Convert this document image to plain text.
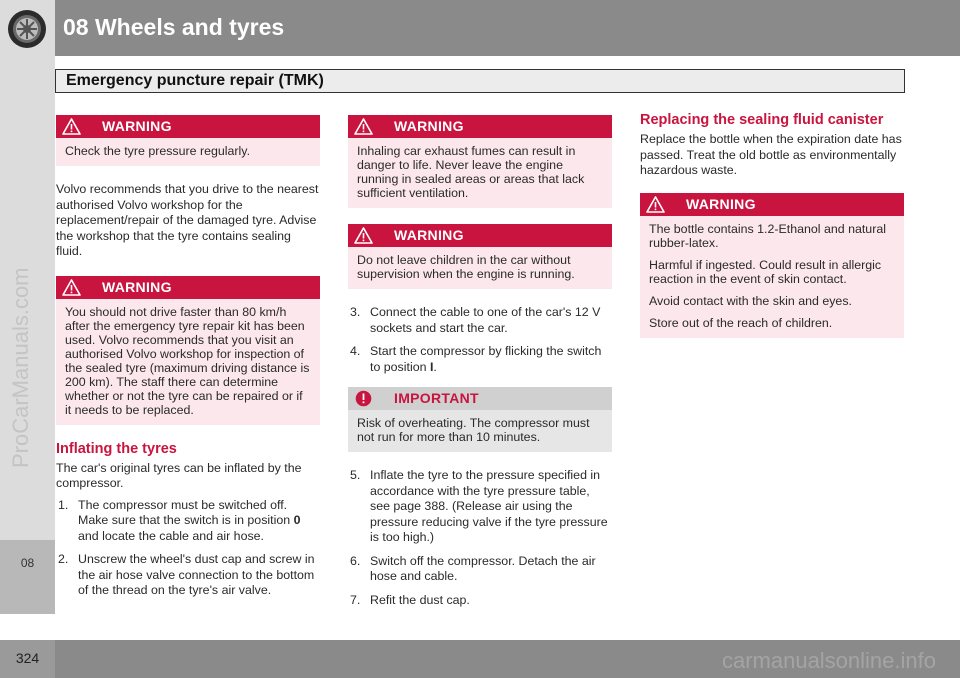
08 Wheels and tyres
08
ProCarManuals.com
Emergency puncture repair (TMK)
WARNING

Check the tyre pressure regularly.

Volvo recommends that you drive to the nearest authorised Volvo workshop for the replacement/repair of the damaged tyre. Advise the workshop that the tyre contains sealing fluid.

WARNING

You should not drive faster than 80 km/h after the emergency tyre repair kit has been used. Volvo recommends that you visit an authorised Volvo workshop for inspection of the sealed tyre (maximum driving distance is 200 km). The staff there can determine whether or not the tyre can be repaired or if it needs to be replaced.

Inflating the tyres

The car's original tyres can be inflated by the compressor.

1. The compressor must be switched off. Make sure that the switch is in position 0 and locate the cable and air hose.
2. Unscrew the wheel's dust cap and screw in the air hose valve connection to the bottom of the thread on the tyre's air valve.
WARNING

Inhaling car exhaust fumes can result in danger to life. Never leave the engine running in sealed areas or areas that lack sufficient ventilation.

WARNING

Do not leave children in the car without supervision when the engine is running.

3. Connect the cable to one of the car's 12 V sockets and start the car.
4. Start the compressor by flicking the switch to position I.
IMPORTANT

Risk of overheating. The compressor must not run for more than 10 minutes.

5. Inflate the tyre to the pressure specified in accordance with the tyre pressure table, see page 388. (Release air using the pressure reducing valve if the tyre pressure is too high.)
6. Switch off the compressor. Detach the air hose and cable.
7. Refit the dust cap.
Replacing the sealing fluid canister

Replace the bottle when the expiration date has passed. Treat the old bottle as environmentally hazardous waste.

WARNING

The bottle contains 1.2-Ethanol and natural rubber-latex.

Harmful if ingested. Could result in allergic reaction in the event of skin contact.

Avoid contact with the skin and eyes.

Store out of the reach of children.

324	carmanualsonline.info
